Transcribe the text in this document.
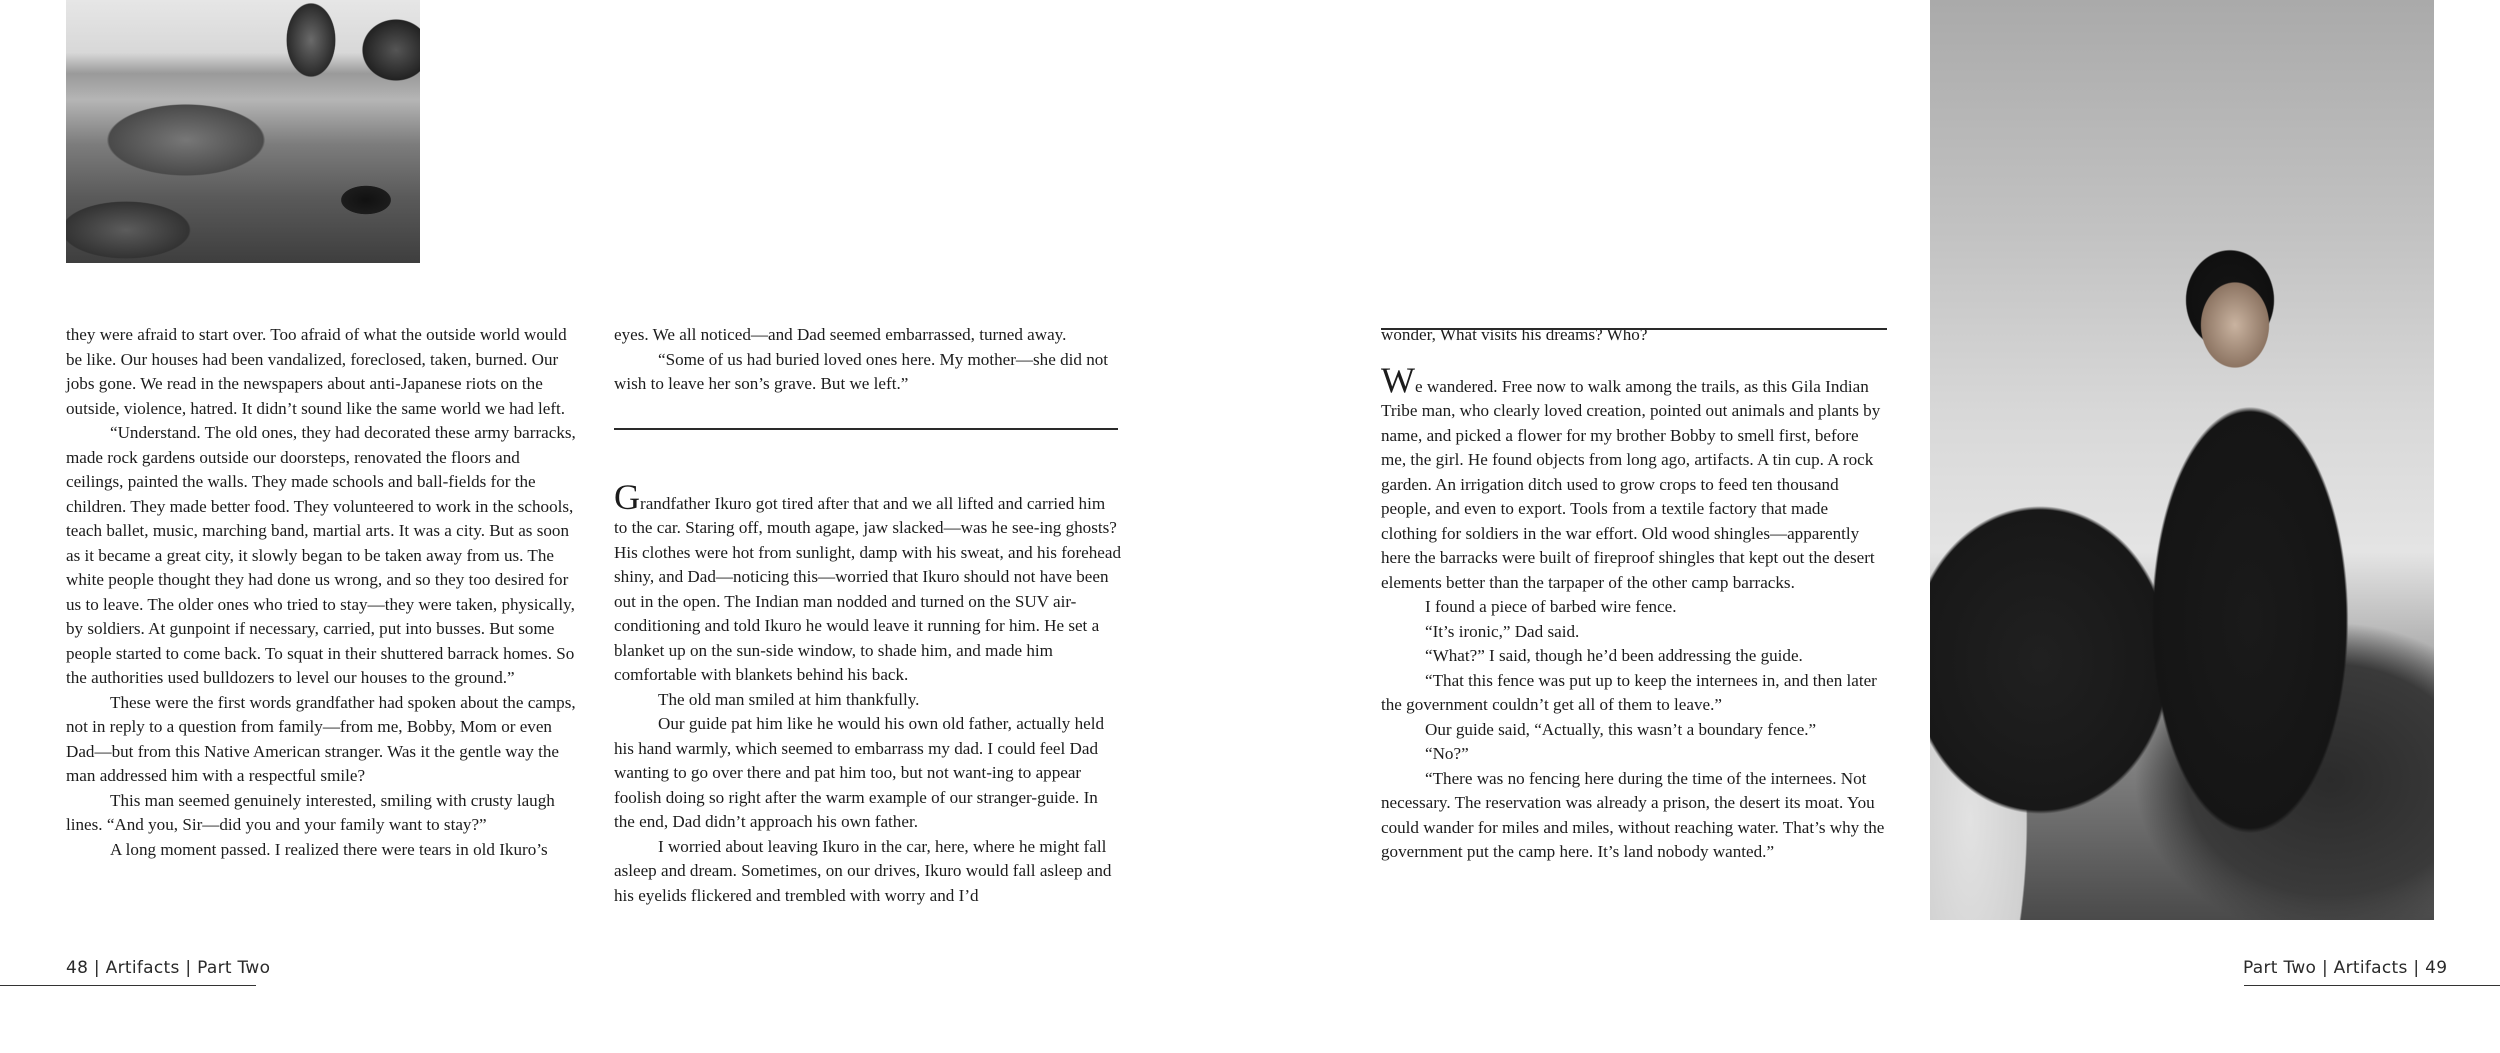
they were afraid to start over. Too afraid of what the outside world would be like. Our houses had been vandalized, foreclosed, taken, burned. Our jobs gone. We read in the newspapers about anti-Japanese riots on the outside, violence, hatred. It didn’t sound like the same world we had left.

“Understand. The old ones, they had decorated these army barracks, made rock gardens outside our doorsteps, renovated the floors and ceilings, painted the walls. They made schools and ball-fields for the children. They made better food. They volunteered to work in the schools, teach ballet, music, marching band, martial arts. It was a city. But as soon as it became a great city, it slowly began to be taken away from us. The white people thought they had done us wrong, and so they too desired for us to leave. The older ones who tried to stay—they were taken, physically, by soldiers. At gunpoint if necessary, carried, put into busses. But some people started to come back. To squat in their shuttered barrack homes. So the authorities used bulldozers to level our houses to the ground.”

These were the first words grandfather had spoken about the camps, not in reply to a question from family—from me, Bobby, Mom or even Dad—but from this Native American stranger. Was it the gentle way the man addressed him with a respectful smile?

This man seemed genuinely interested, smiling with crusty laugh lines. “And you, Sir—did you and your family want to stay?”

A long moment passed. I realized there were tears in old Ikuro’s

eyes. We all noticed—and Dad seemed embarrassed, turned away.

“Some of us had buried loved ones here. My mother—she did not wish to leave her son’s grave. But we left.”

Grandfather Ikuro got tired after that and we all lifted and carried him to the car. Staring off, mouth agape, jaw slacked—was he see-ing ghosts? His clothes were hot from sunlight, damp with his sweat, and his forehead shiny, and Dad—noticing this—worried that Ikuro should not have been out in the open. The Indian man nodded and turned on the SUV air-conditioning and told Ikuro he would leave it running for him. He set a blanket up on the sun-side window, to shade him, and made him comfortable with blankets behind his back.

The old man smiled at him thankfully.

Our guide pat him like he would his own old father, actually held his hand warmly, which seemed to embarrass my dad. I could feel Dad wanting to go over there and pat him too, but not want-ing to appear foolish doing so right after the warm example of our stranger-guide. In the end, Dad didn’t approach his own father.

I worried about leaving Ikuro in the car, here, where he might fall asleep and dream. Sometimes, on our drives, Ikuro would fall asleep and his eyelids flickered and trembled with worry and I’d

wonder, What visits his dreams? Who?

We wandered. Free now to walk among the trails, as this Gila Indian Tribe man, who clearly loved creation, pointed out animals and plants by name, and picked a flower for my brother Bobby to smell first, before me, the girl. He found objects from long ago, artifacts. A tin cup. A rock garden. An irrigation ditch used to grow crops to feed ten thousand people, and even to export. Tools from a textile factory that made clothing for soldiers in the war effort. Old wood shingles—apparently here the barracks were built of fireproof shingles that kept out the desert elements better than the tarpaper of the other camp barracks.

I found a piece of barbed wire fence.

“It’s ironic,” Dad said.

“What?” I said, though he’d been addressing the guide.

“That this fence was put up to keep the internees in, and then later the government couldn’t get all of them to leave.”

Our guide said, “Actually, this wasn’t a boundary fence.”

“No?”

“There was no fencing here during the time of the internees. Not necessary. The reservation was already a prison, the desert its moat. You could wander for miles and miles, without reaching water. That’s why the government put the camp here. It’s land nobody wanted.”

48 | Artifacts | Part Two	Part Two | Artifacts | 49
